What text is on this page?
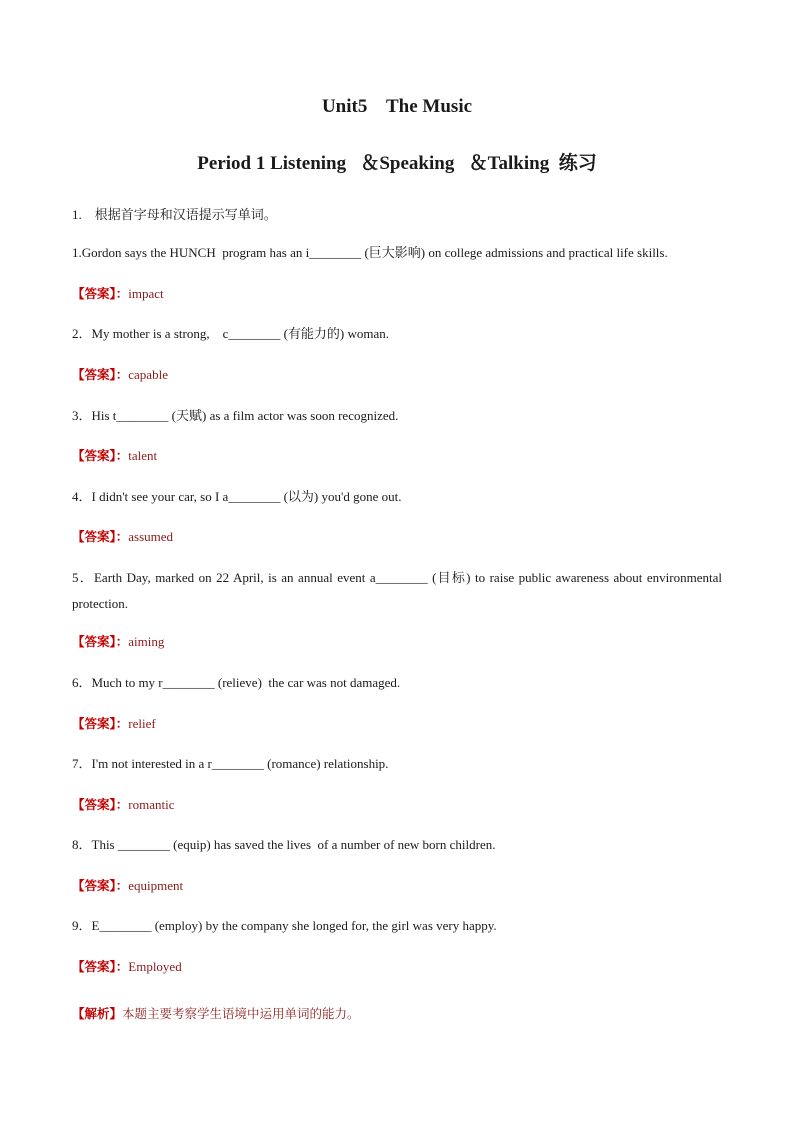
Unit5    The Music
Period 1 Listening   ＆Speaking   ＆Talking  练习
1.    根据首字母和汉语提示写单词。
1.Gordon says the HUNCH  program has an i________ (巨大影响) on college admissions and practical life skills.
【答案】：impact
2．My mother is a strong,    c________ (有能力的) woman.
【答案】：capable
3．His t________ (天赋) as a film actor was soon recognized.
【答案】：talent
4．I didn't see your car, so I a________ (以为) you'd gone out.
【答案】：assumed
5．Earth Day, marked on 22 April, is an annual event a________ (目标) to raise public awareness about environmental protection.
【答案】：aiming
6．Much to my r________ (relieve)  the car was not damaged.
【答案】：relief
7．I'm not interested in a r________ (romance) relationship.
【答案】：romantic
8．This ________ (equip) has saved the lives  of a number of new born children.
【答案】：equipment
9．E________ (employ) by the company she longed for, the girl was very happy.
【答案】：Employed
【解析】本题主要考察学生语境中运用单词的能力。
